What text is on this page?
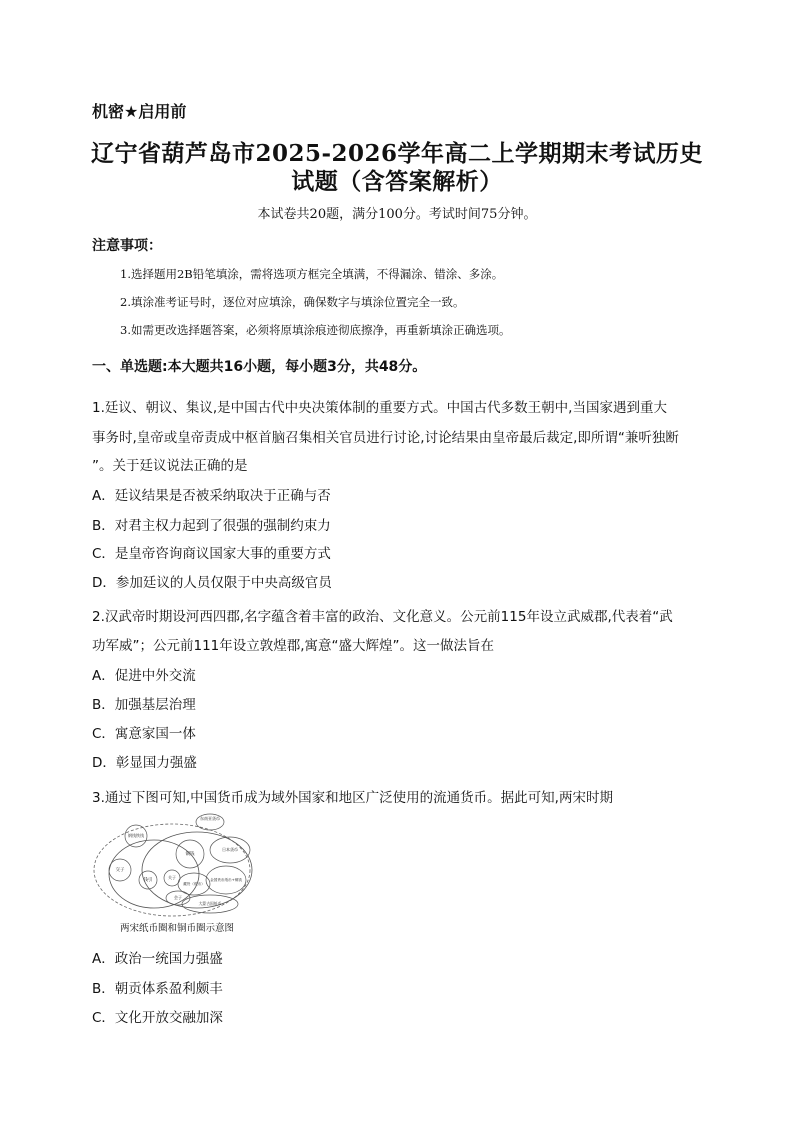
机密★启用前
辽宁省葫芦岛市2025-2026学年高二上学期期末考试历史
试题（含答案解析）
本试卷共20题，满分100分。考试时间75分钟。
注意事项：
1.选择题用2B铅笔填涂，需将选项方框完全填满，不得漏涂、错涂、多涂。
2.填涂准考证号时，逐位对应填涂，确保数字与填涂位置完全一致。
3.如需更改选择题答案，必须将原填涂痕迹彻底擦净，再重新填涂正确选项。
一、单选题:本大题共16小题，每小题3分，共48分。
1.廷议、朝议、集议,是中国古代中央决策体制的重要方式。中国古代多数王朝中,当国家遇到重大
事务时,皇帝或皇帝责成中枢首脑召集相关官员进行讨论,讨论结果由皇帝最后裁定,即所谓“兼听独断
”。关于廷议说法正确的是
A．廷议结果是否被采纳取决于正确与否
B．对君主权力起到了很强的强制约束力
C．是皇帝咨询商议国家大事的重要方式
D．参加廷议的人员仅限于中央高级官员
2.汉武帝时期设河西四郡,名字蕴含着丰富的政治、文化意义。公元前115年设立武威郡,代表着“武
功军威”；公元前111年设立敦煌郡,寓意“盛大辉煌”。这一做法旨在
A．促进中外交流
B．加强基层治理
C．寓意家国一体
D．彰显国力强盛
3.通过下图可知,中国货币成为域外国家和地区广泛使用的流通货币。据此可知,两宋时期
东南亚货币
钢钱铁钱
铜钱
日本货币
交子
钱引
关子
会子
藏货（纸币）
金国货币纸币+铜钱
大蒙古国纸币
两宋纸币圈和铜币圈示意图
A．政治一统国力强盛
B．朝贡体系盈利颇丰
C．文化开放交融加深
